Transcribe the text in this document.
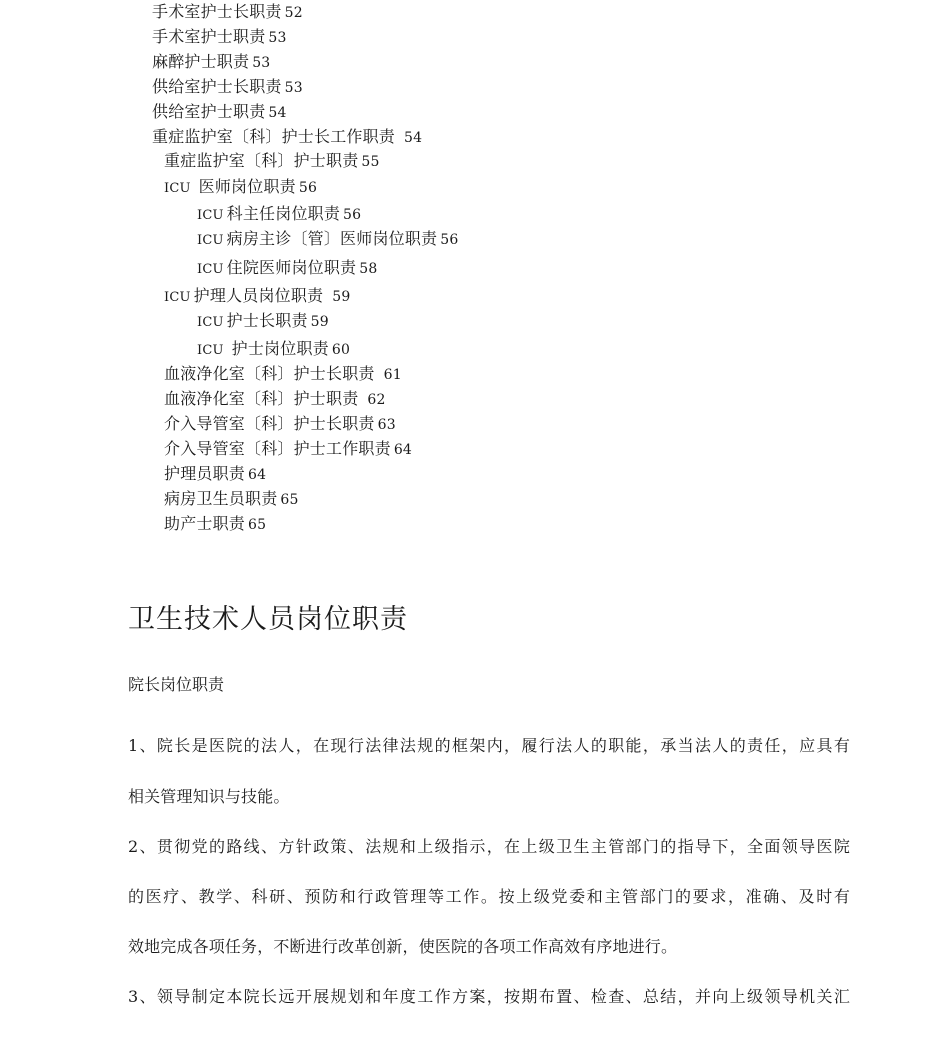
手术室护士长职责 52
手术室护士职责 53
麻醉护士职责 53
供给室护士长职责 53
供给室护士职责 54
重症监护室〔科〕护士长工作职责 54
重症监护室〔科〕护士职责 55
ICU 医师岗位职责 56
ICU 科主任岗位职责 56
ICU 病房主诊〔管〕医师岗位职责 56
ICU 住院医师岗位职责 58
ICU 护理人员岗位职责 59
ICU 护士长职责 59
ICU 护士岗位职责 60
血液净化室〔科〕护士长职责 61
血液净化室〔科〕护士职责 62
介入导管室〔科〕护士长职责 63
介入导管室〔科〕护士工作职责 64
护理员职责 64
病房卫生员职责 65
助产士职责 65
卫生技术人员岗位职责
院长岗位职责
1、院长是医院的法人，在现行法律法规的框架内，履行法人的职能，承当法人的责任，应具有
相关管理知识与技能。
2、贯彻党的路线、方针政策、法规和上级指示，在上级卫生主管部门的指导下，全面领导医院
的医疗、教学、科研、预防和行政管理等工作。按上级党委和主管部门的要求，准确、及时有
效地完成各项任务，不断进行改革创新，使医院的各项工作高效有序地进行。
3、领导制定本院长远开展规划和年度工作方案，按期布置、检查、总结，并向上级领导机关汇
